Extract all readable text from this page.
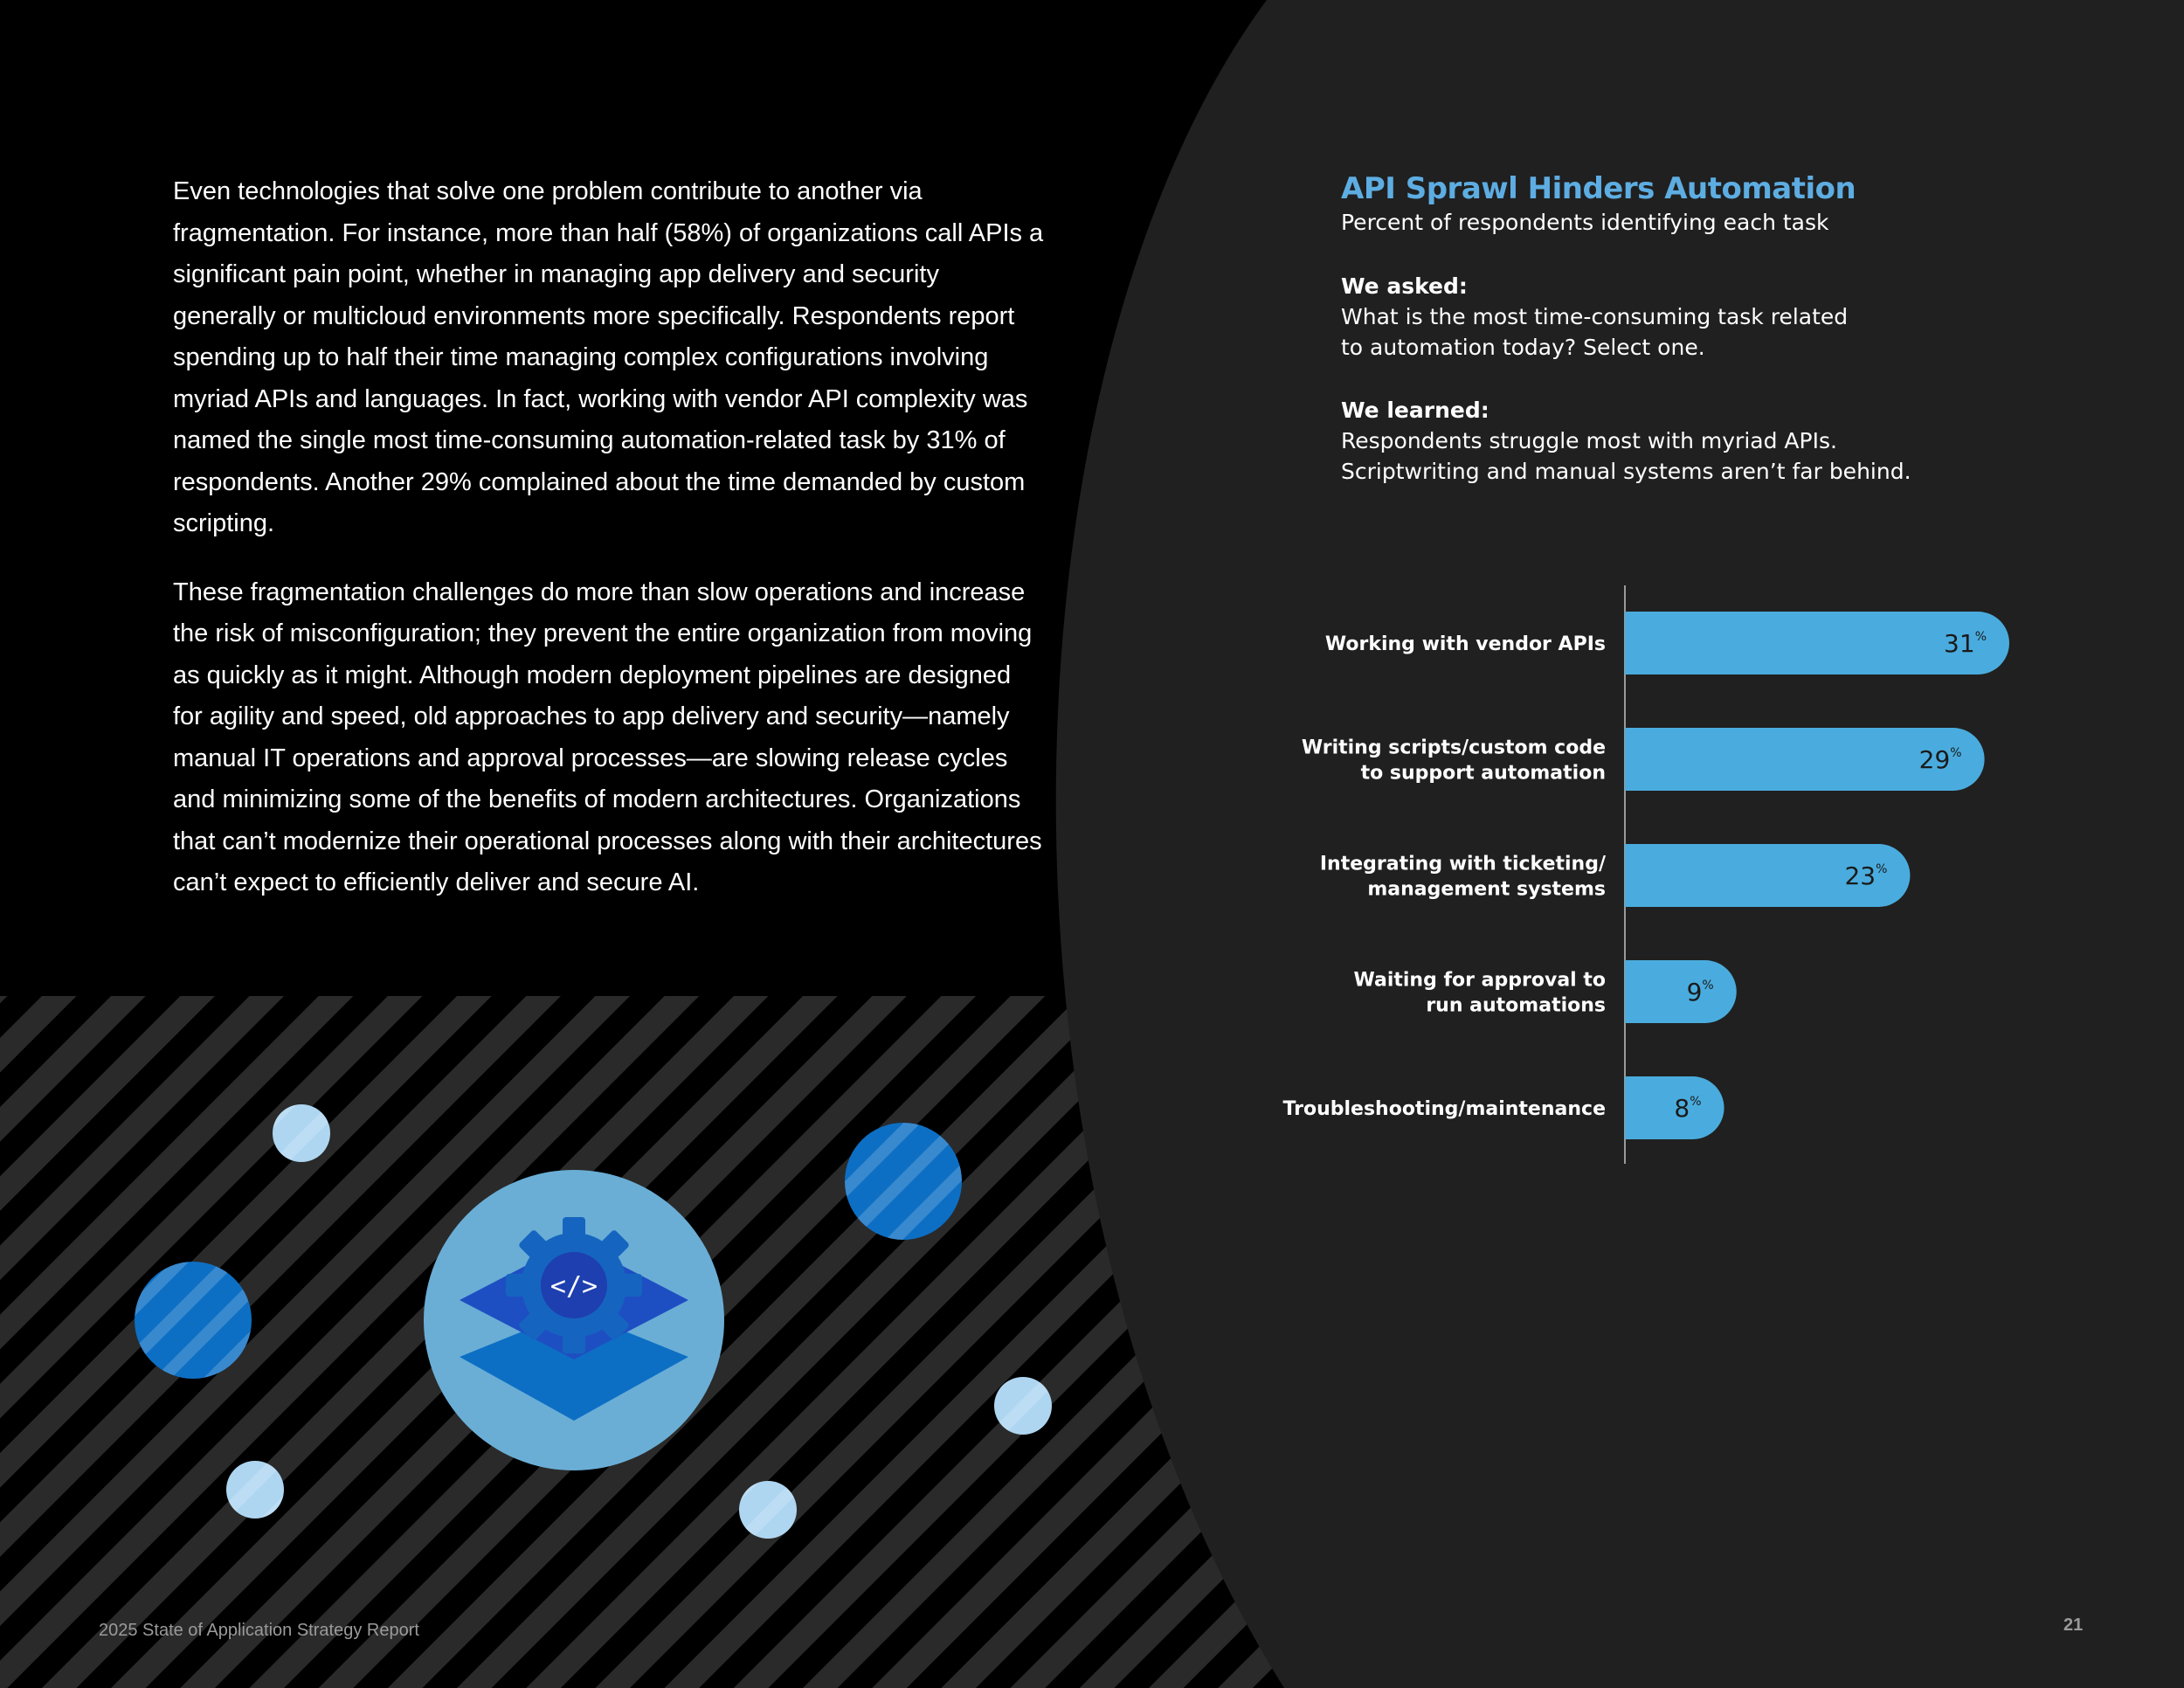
</>

Even technologies that solve one problem contribute to another via fragmentation. For instance, more than half (58%) of organizations call APIs a significant pain point, whether in managing app delivery and security generally or multicloud environments more specifically. Respondents report spending up to half their time managing complex configurations involving myriad APIs and languages. In fact, working with vendor API complexity was named the single most time-consuming automation-related task by 31% of respondents. Another 29% complained about the time demanded by custom scripting.

These fragmentation challenges do more than slow operations and increase the risk of misconfiguration; they prevent the entire organization from moving as quickly as it might. Although modern deployment pipelines are designed for agility and speed, old approaches to app delivery and security—namely manual IT operations and approval processes—are slowing release cycles and minimizing some of the benefits of modern architectures. Organizations that can’t modernize their operational processes along with their architectures can’t expect to efficiently deliver and secure AI.

API Sprawl Hinders Automation
Percent of respondents identifying each task
We asked:
What is the most time-consuming task related
to automation today? Select one.
We learned:
Respondents struggle most with myriad APIs.
Scriptwriting and manual systems aren’t far behind.
31%
Working with vendor APIs
29%
Writing scripts/custom code
to support automation
23%
Integrating with ticketing/
management systems
9%
Waiting for approval to
run automations
8%
Troubleshooting/maintenance
2025 State of Application Strategy Report	21
